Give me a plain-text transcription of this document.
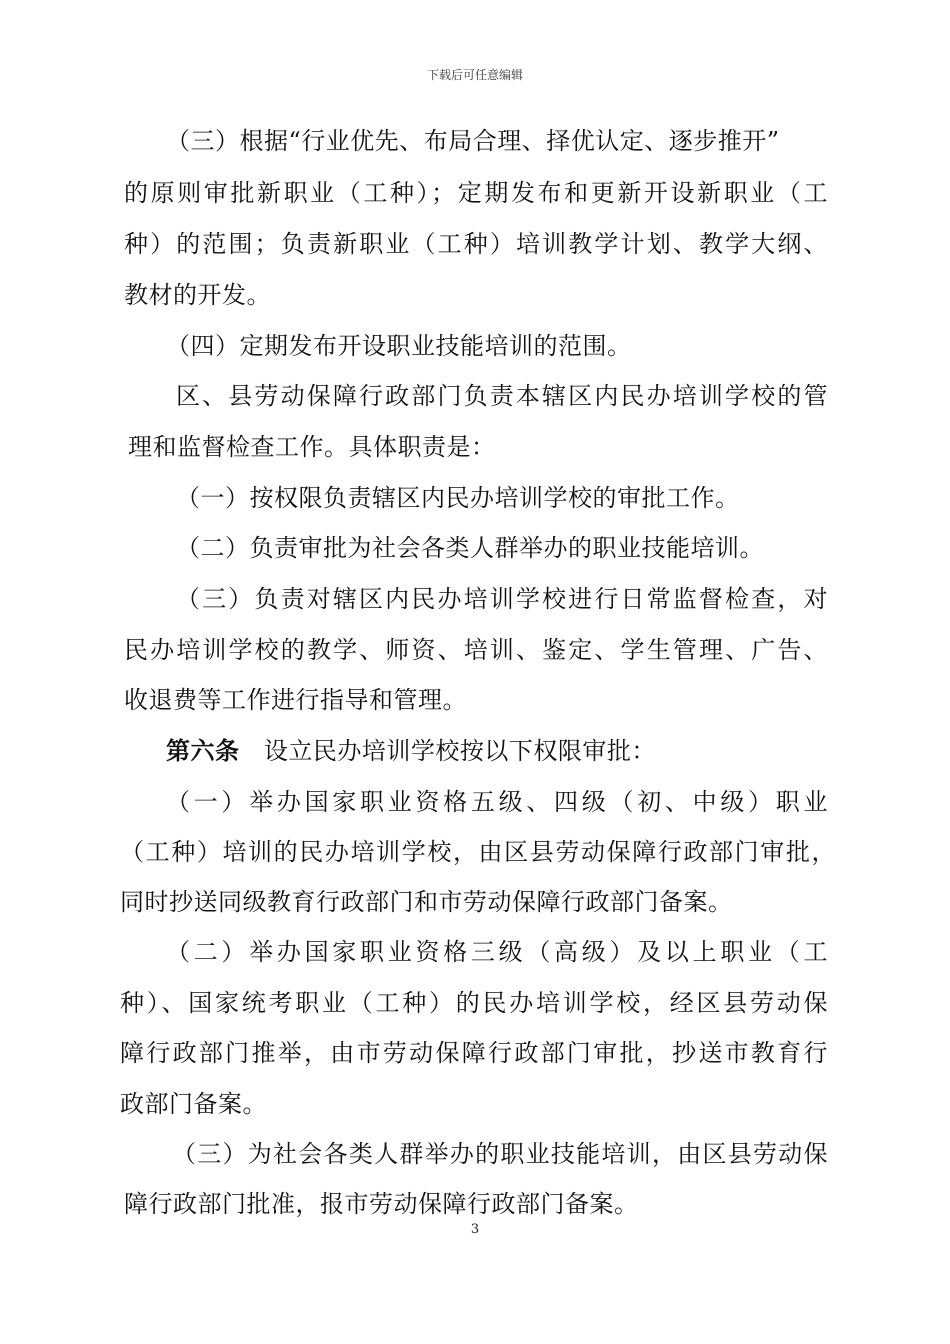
下载后可任意编辑
（三）根据“行业优先、布局合理、择优认定、逐步推开”
的原则审批新职业（工种）；定期发布和更新开设新职业（工
种）的范围；负责新职业（工种）培训教学计划、教学大纲、
教材的开发。
（四）定期发布开设职业技能培训的范围。
区、县劳动保障行政部门负责本辖区内民办培训学校的管
理和监督检查工作。具体职责是：
（一）按权限负责辖区内民办培训学校的审批工作。
（二）负责审批为社会各类人群举办的职业技能培训。
（三）负责对辖区内民办培训学校进行日常监督检查，对
民办培训学校的教学、师资、培训、鉴定、学生管理、广告、
收退费等工作进行指导和管理。
第六条 设立民办培训学校按以下权限审批：
（一）举办国家职业资格五级、四级（初、中级）职业
（工种）培训的民办培训学校，由区县劳动保障行政部门审批，
同时抄送同级教育行政部门和市劳动保障行政部门备案。
（二）举办国家职业资格三级（高级）及以上职业（工
种）、国家统考职业（工种）的民办培训学校，经区县劳动保
障行政部门推举，由市劳动保障行政部门审批，抄送市教育行
政部门备案。
（三）为社会各类人群举办的职业技能培训，由区县劳动保
障行政部门批准，报市劳动保障行政部门备案。
3
